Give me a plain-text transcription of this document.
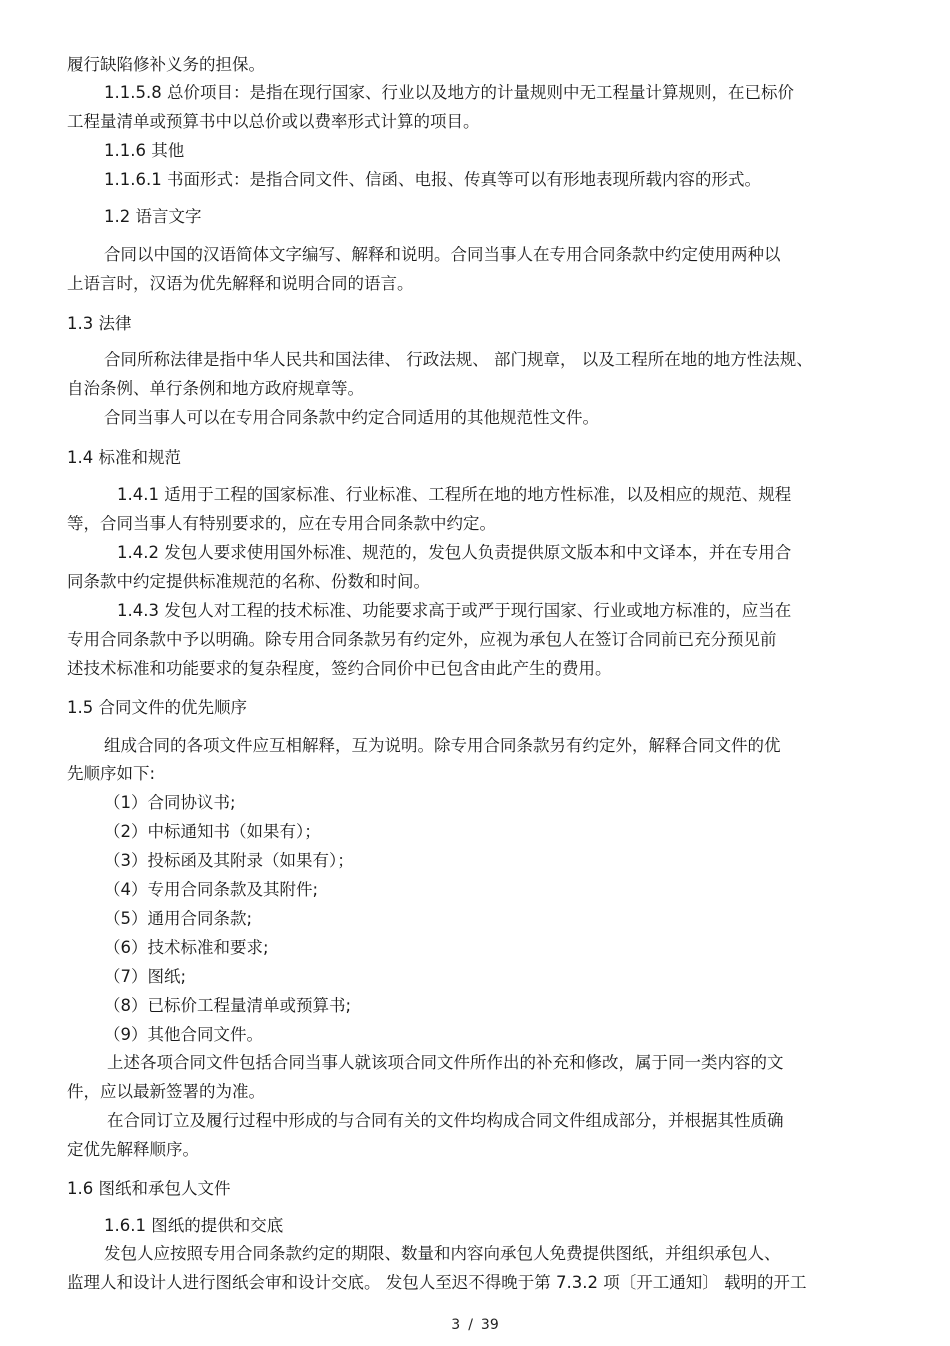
履行缺陷修补义务的担保。
1.1.5.8 总价项目：是指在现行国家、行业以及地方的计量规则中无工程量计算规则，在已标价
工程量清单或预算书中以总价或以费率形式计算的项目。
1.1.6 其他
1.1.6.1 书面形式：是指合同文件、信函、电报、传真等可以有形地表现所载内容的形式。
1.2 语言文字
合同以中国的汉语简体文字编写、解释和说明。合同当事人在专用合同条款中约定使用两种以
上语言时，汉语为优先解释和说明合同的语言。
1.3 法律
合同所称法律是指中华人民共和国法律、 行政法规、 部门规章， 以及工程所在地的地方性法规、
自治条例、单行条例和地方政府规章等。
合同当事人可以在专用合同条款中约定合同适用的其他规范性文件。
1.4 标准和规范
1.4.1 适用于工程的国家标准、行业标准、工程所在地的地方性标准，以及相应的规范、规程
等，合同当事人有特别要求的，应在专用合同条款中约定。
1.4.2 发包人要求使用国外标准、规范的，发包人负责提供原文版本和中文译本，并在专用合
同条款中约定提供标准规范的名称、份数和时间。
1.4.3 发包人对工程的技术标准、功能要求高于或严于现行国家、行业或地方标准的，应当在
专用合同条款中予以明确。除专用合同条款另有约定外，应视为承包人在签订合同前已充分预见前
述技术标准和功能要求的复杂程度，签约合同价中已包含由此产生的费用。
1.5 合同文件的优先顺序
组成合同的各项文件应互相解释，互为说明。除专用合同条款另有约定外，解释合同文件的优
先顺序如下:
（1）合同协议书;
（2）中标通知书（如果有）；
（3）投标函及其附录（如果有）；
（4）专用合同条款及其附件;
（5）通用合同条款;
（6）技术标准和要求;
（7）图纸;
（8）已标价工程量清单或预算书;
（9）其他合同文件。
上述各项合同文件包括合同当事人就该项合同文件所作出的补充和修改，属于同一类内容的文
件，应以最新签署的为准。
在合同订立及履行过程中形成的与合同有关的文件均构成合同文件组成部分，并根据其性质确
定优先解释顺序。
1.6 图纸和承包人文件
1.6.1 图纸的提供和交底
发包人应按照专用合同条款约定的期限、数量和内容向承包人免费提供图纸，并组织承包人、
监理人和设计人进行图纸会审和设计交底。 发包人至迟不得晚于第 7.3.2 项〔开工通知〕 载明的开工
3 / 39
